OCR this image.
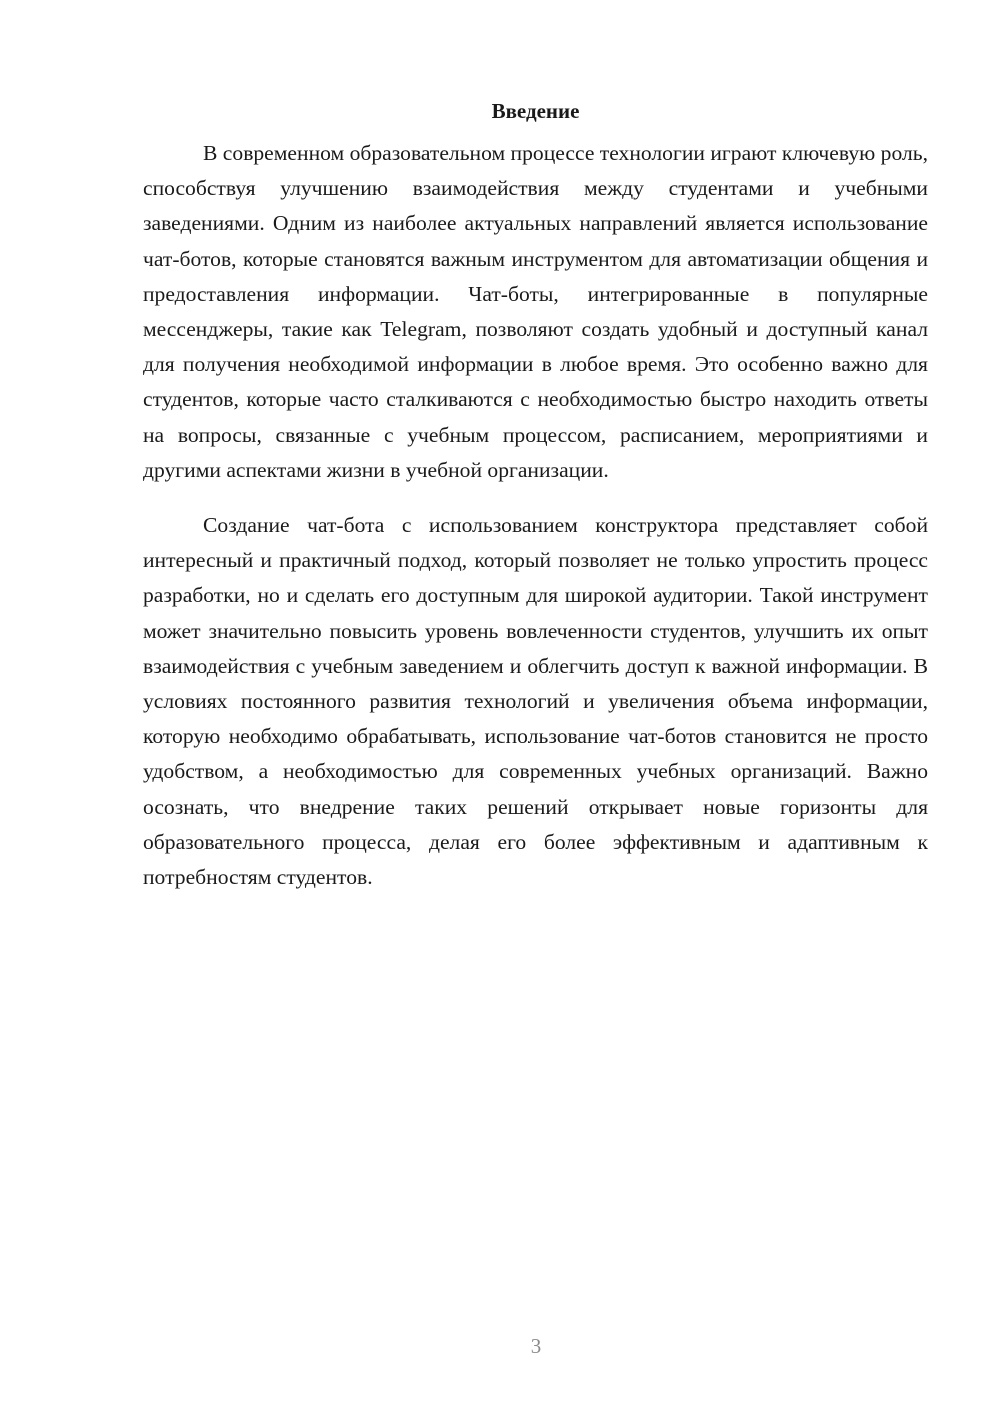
Введение

В современном образовательном процессе технологии играют ключевую роль, способствуя улучшению взаимодействия между студентами и учебными заведениями. Одним из наиболее актуальных направлений является использование чат-ботов, которые становятся важным инструментом для автоматизации общения и предоставления информации. Чат-боты, интегрированные в популярные мессенджеры, такие как Telegram, позволяют создать удобный и доступный канал для получения необходимой информации в любое время. Это особенно важно для студентов, которые часто сталкиваются с необходимостью быстро находить ответы на вопросы, связанные с учебным процессом, расписанием, мероприятиями и другими аспектами жизни в учебной организации.

Создание чат-бота с использованием конструктора представляет собой интересный и практичный подход, который позволяет не только упростить процесс разработки, но и сделать его доступным для широкой аудитории. Такой инструмент может значительно повысить уровень вовлеченности студентов, улучшить их опыт взаимодействия с учебным заведением и облегчить доступ к важной информации. В условиях постоянного развития технологий и увеличения объема информации, которую необходимо обрабатывать, использование чат-ботов становится не просто удобством, а необходимостью для современных учебных организаций. Важно осознать, что внедрение таких решений открывает новые горизонты для образовательного процесса, делая его более эффективным и адаптивным к потребностям студентов.

3
